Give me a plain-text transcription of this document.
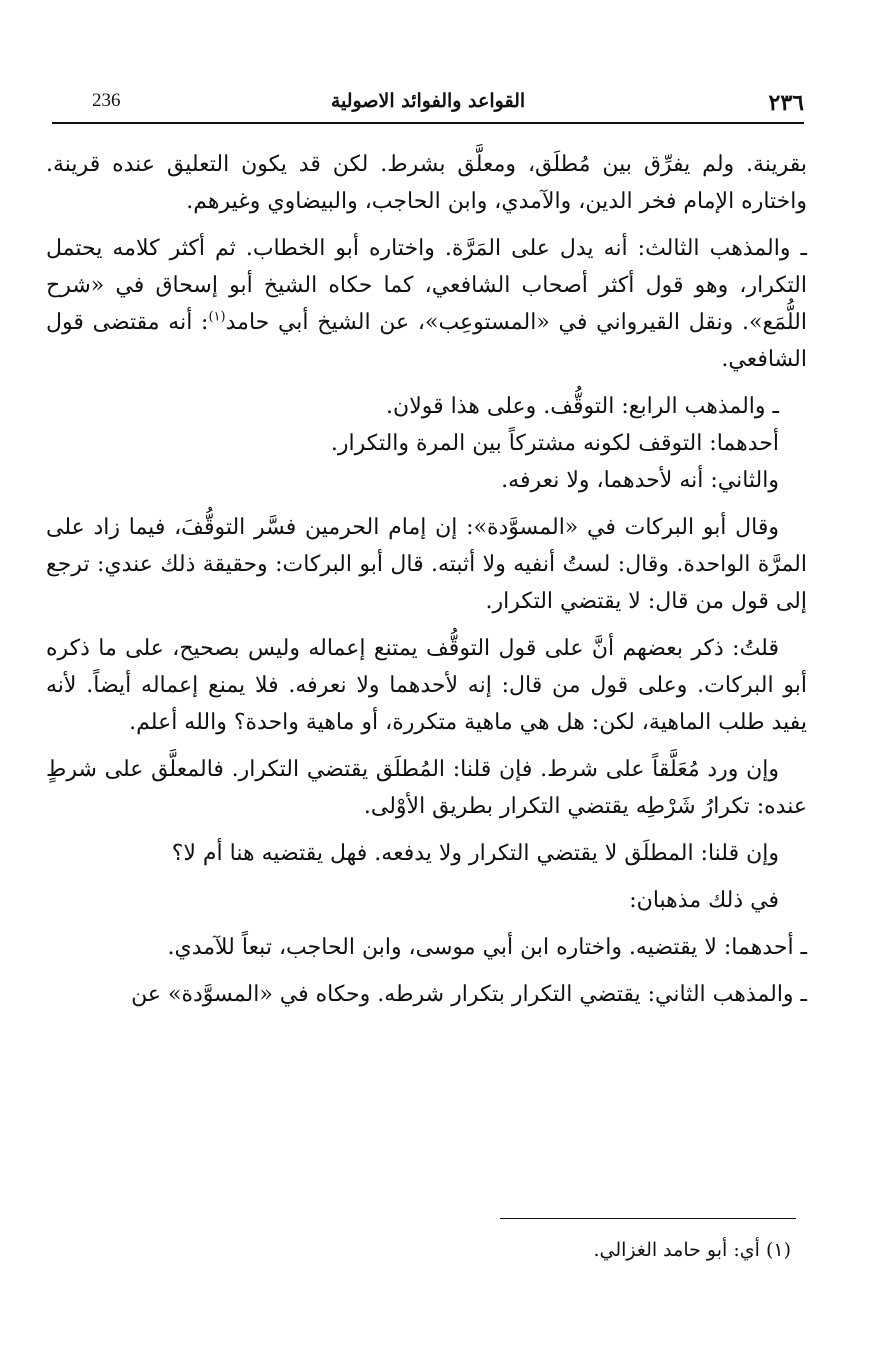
٢٣٦
القواعد والفوائد الاصولية
236

بقرينة. ولم يفرِّق بين مُطلَق، ومعلَّق بشرط. لكن قد يكون التعليق عنده قرينة. واختاره الإمام فخر الدين، والآمدي، وابن الحاجب، والبيضاوي وغيرهم.

ـ والمذهب الثالث: أنه يدل على المَرَّة. واختاره أبو الخطاب. ثم أكثر كلامه يحتمل التكرار، وهو قول أكثر أصحاب الشافعي، كما حكاه الشيخ أبو إسحاق في «شرح اللُّمَع». ونقل القيرواني في «المستوعِب»، عن الشيخ أبي حامد$^{(١)}$: أنه مقتضى قول الشافعي.

ـ والمذهب الرابع: التوقُّف. وعلى هذا قولان.

أحدهما: التوقف لكونه مشتركاً بين المرة والتكرار.

والثاني: أنه لأحدهما، ولا نعرفه.

وقال أبو البركات في «المسوَّدة»: إن إمام الحرمين فسَّر التوقُّفَ، فيما زاد على المرَّة الواحدة. وقال: لستُ أنفيه ولا أثبته. قال أبو البركات: وحقيقة ذلك عندي: ترجع إلى قول من قال: لا يقتضي التكرار.

قلتُ: ذكر بعضهم أنَّ على قول التوقُّف يمتنع إعماله وليس بصحيح، على ما ذكره أبو البركات. وعلى قول من قال: إنه لأحدهما ولا نعرفه. فلا يمنع إعماله أيضاً. لأنه يفيد طلب الماهية، لكن: هل هي ماهية متكررة، أو ماهية واحدة؟ والله أعلم.

وإن ورد مُعَلَّقاً على شرط. فإن قلنا: المُطلَق يقتضي التكرار. فالمعلَّق على شرطٍ عنده: تكرارُ شَرْطِه يقتضي التكرار بطريق الأوْلى.

وإن قلنا: المطلَق لا يقتضي التكرار ولا يدفعه. فهل يقتضيه هنا أم لا؟

في ذلك مذهبان:

ـ أحدهما: لا يقتضيه. واختاره ابن أبي موسى، وابن الحاجب، تبعاً للآمدي.

ـ والمذهب الثاني: يقتضي التكرار بتكرار شرطه. وحكاه في «المسوَّدة» عن

(١) أي: أبو حامد الغزالي.
